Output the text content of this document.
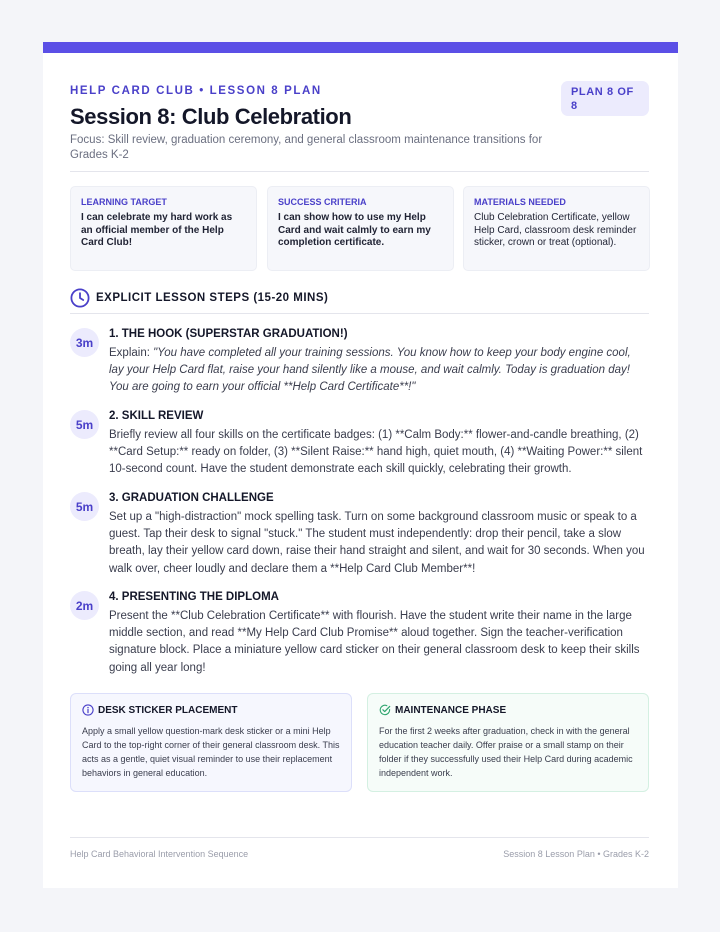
HELP CARD CLUB • LESSON 8 PLAN	PLAN 8 OF 8
Session 8: Club Celebration
Focus: Skill review, graduation ceremony, and general classroom maintenance transitions for Grades K-2
LEARNING TARGET
I can celebrate my hard work as an official member of the Help Card Club!
SUCCESS CRITERIA
I can show how to use my Help Card and wait calmly to earn my completion certificate.
MATERIALS NEEDED
Club Celebration Certificate, yellow Help Card, classroom desk reminder sticker, crown or treat (optional).
EXPLICIT LESSON STEPS (15-20 MINS)
3m
1. THE HOOK (SUPERSTAR GRADUATION!)
Explain: "You have completed all your training sessions. You know how to keep your body engine cool, lay your Help Card flat, raise your hand silently like a mouse, and wait calmly. Today is graduation day! You are going to earn your official **Help Card Certificate**!"
5m
2. SKILL REVIEW
Briefly review all four skills on the certificate badges: (1) **Calm Body:** flower-and-candle breathing, (2) **Card Setup:** ready on folder, (3) **Silent Raise:** hand high, quiet mouth, (4) **Waiting Power:** silent 10-second count. Have the student demonstrate each skill quickly, celebrating their growth.
5m
3. GRADUATION CHALLENGE
Set up a "high-distraction" mock spelling task. Turn on some background classroom music or speak to a guest. Tap their desk to signal "stuck." The student must independently: drop their pencil, take a slow breath, lay their yellow card down, raise their hand straight and silent, and wait for 30 seconds. When you walk over, cheer loudly and declare them a **Help Card Club Member**!
2m
4. PRESENTING THE DIPLOMA
Present the **Club Celebration Certificate** with flourish. Have the student write their name in the large middle section, and read **My Help Card Club Promise** aloud together. Sign the teacher-verification signature block. Place a miniature yellow card sticker on their general classroom desk to keep their skills going all year long!
DESK STICKER PLACEMENT
Apply a small yellow question-mark desk sticker or a mini Help Card to the top-right corner of their general classroom desk. This acts as a gentle, quiet visual reminder to use their replacement behaviors in general education.
MAINTENANCE PHASE
For the first 2 weeks after graduation, check in with the general education teacher daily. Offer praise or a small stamp on their folder if they successfully used their Help Card during academic independent work.
Help Card Behavioral Intervention Sequence	Session 8 Lesson Plan • Grades K-2
